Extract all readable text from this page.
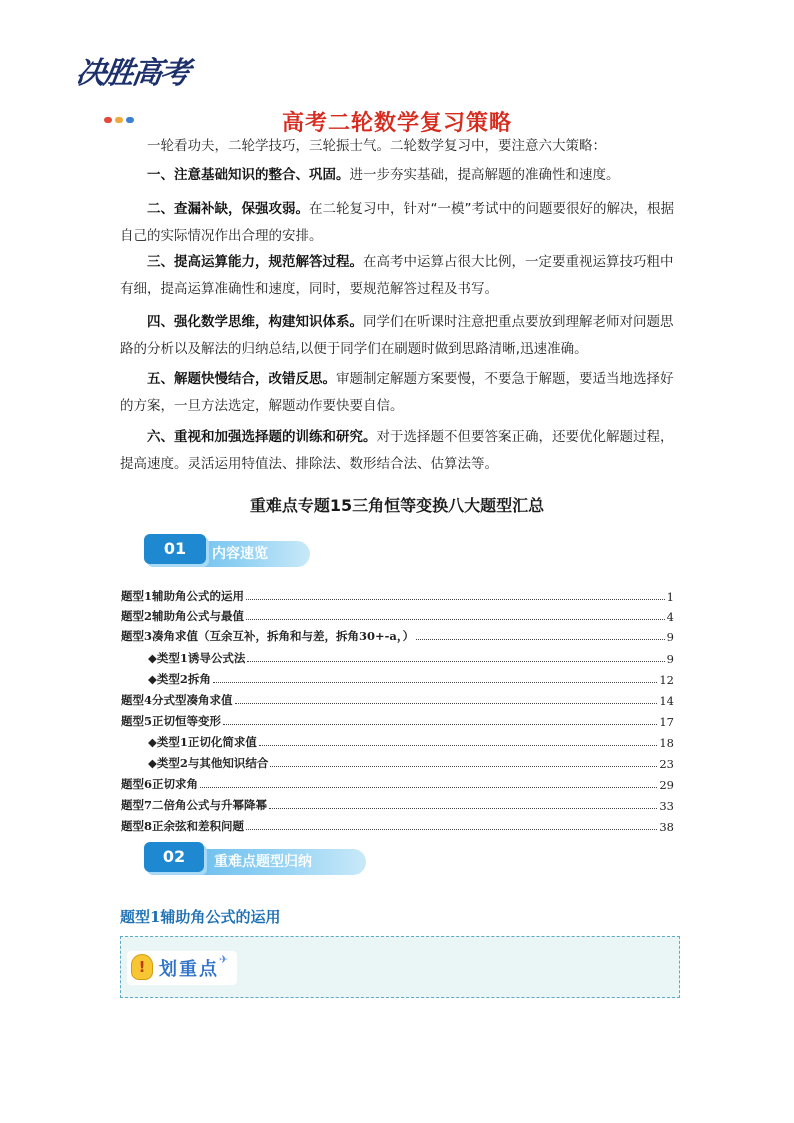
决胜高考
高考二轮数学复习策略
一轮看功夫，二轮学技巧，三轮振士气。二轮数学复习中，要注意六大策略：

一、注意基础知识的整合、巩固。进一步夯实基础，提高解题的准确性和速度。

二、查漏补缺，保强攻弱。在二轮复习中，针对“一模”考试中的问题要很好的解决，根据自己的实际情况作出合理的安排。

三、提高运算能力，规范解答过程。在高考中运算占很大比例，一定要重视运算技巧粗中有细，提高运算准确性和速度，同时，要规范解答过程及书写。

四、强化数学思维，构建知识体系。同学们在听课时注意把重点要放到理解老师对问题思路的分析以及解法的归纳总结,以便于同学们在刷题时做到思路清晰,迅速准确。

五、解题快慢结合，改错反思。审题制定解题方案要慢，不要急于解题，要适当地选择好的方案，一旦方法选定，解题动作要快要自信。

六、重视和加强选择题的训练和研究。对于选择题不但要答案正确，还要优化解题过程，提高速度。灵活运用特值法、排除法、数形结合法、估算法等。

重难点专题15三角恒等变换八大题型汇总
01	内容速览
题型1辅助角公式的运用	1
题型2辅助角公式与最值	4
题型3凑角求值（互余互补，拆角和与差，拆角30+-a，）	9
◆类型1诱导公式法	9
◆类型2拆角	12
题型4分式型凑角求值	14
题型5正切恒等变形	17
◆类型1正切化简求值	18
◆类型2与其他知识结合	23
题型6正切求角	29
题型7二倍角公式与升幂降幂	33
题型8正余弦和差积问题	38
02	重难点题型归纳
题型1辅助角公式的运用
! 划重点 ✈
